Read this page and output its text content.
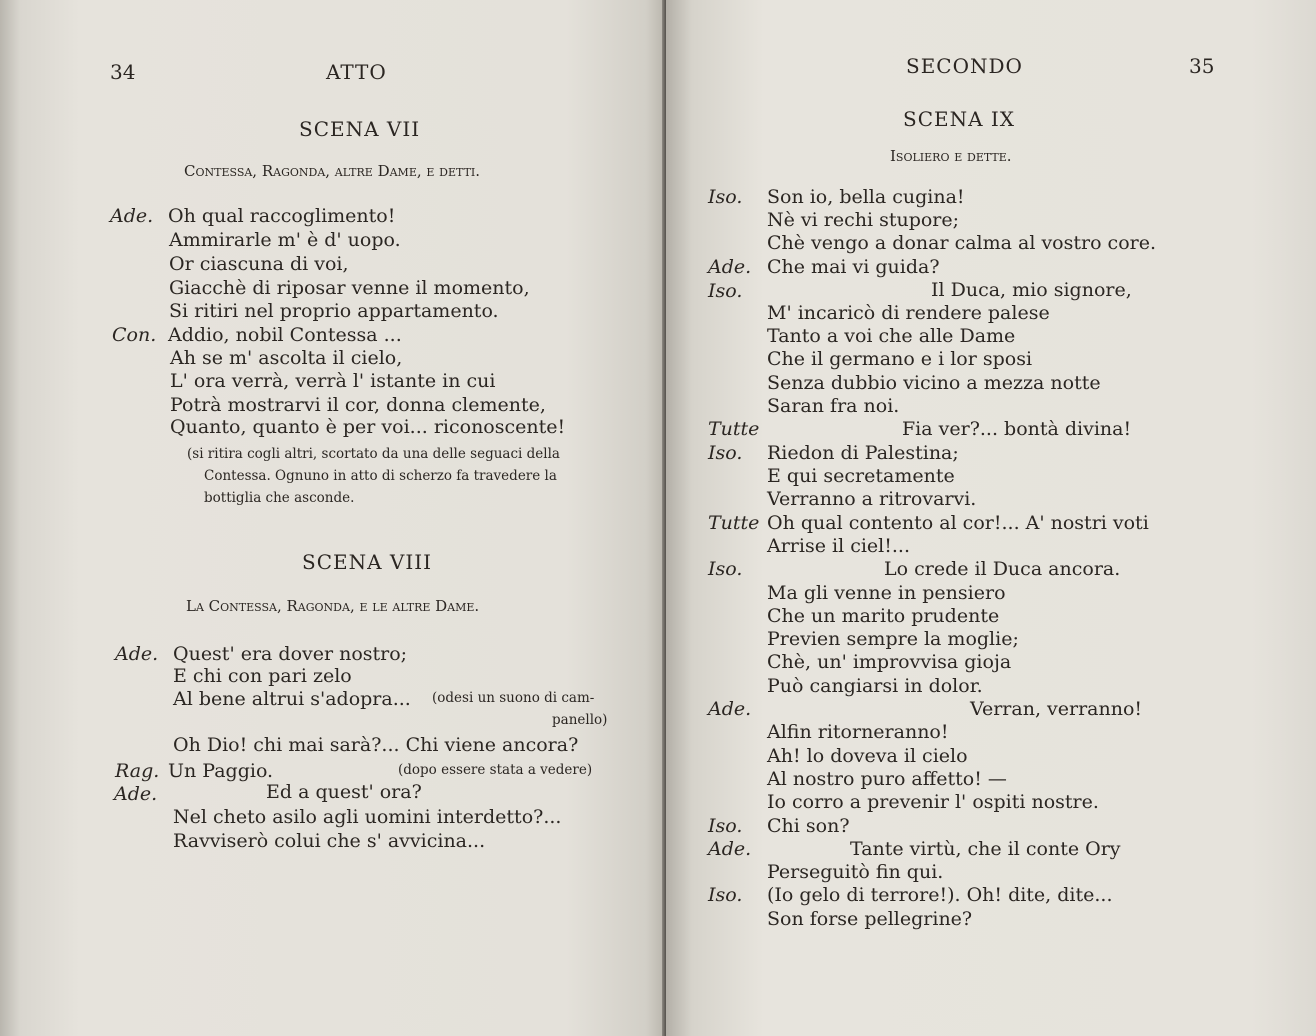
34	ATTO
SCENA VII
Contessa, Ragonda, altre Dame, e detti.
Ade. Oh qual raccoglimento!
Ammirarle m' è d' uopo.
Or ciascuna di voi,
Giacchè di riposar venne il momento,
Si ritiri nel proprio appartamento.
Con. Addio, nobil Contessa ...
Ah se m' ascolta il cielo,
L' ora verrà, verrà l' istante in cui
Potrà mostrarvi il cor, donna clemente,
Quanto, quanto è per voi... riconoscente!
(si ritira cogli altri, scortato da una delle seguaci della
Contessa. Ognuno in atto di scherzo fa travedere la
bottiglia che asconde.
SCENA VIII
La Contessa, Ragonda, e le altre Dame.
Ade. Quest' era dover nostro;
E chi con pari zelo
Al bene altrui s'adopra... (odesi un suono di cam-
panello)
Oh Dio! chi mai sarà?... Chi viene ancora?
Rag. Un Paggio.	(dopo essere stata a vedere)
Ade.	Ed a quest' ora?
Nel cheto asilo agli uomini interdetto?...
Ravviserò colui che s' avvicina...
SECONDO	35
SCENA IX
Isoliero e dette.
Iso.
Ade.
Iso.
Tutte
Iso.
Tutte
Iso.
Ade.
Iso.
Ade.
Iso.
Son io, bella cugina!
Nè vi rechi stupore;
Chè vengo a donar calma al vostro core.
Che mai vi guida?
Il Duca, mio signore,
M' incaricò di rendere palese
Tanto a voi che alle Dame
Che il germano e i lor sposi
Senza dubbio vicino a mezza notte
Saran fra noi.
Fia ver?... bontà divina!
Riedon di Palestina;
E qui secretamente
Verranno a ritrovarvi.
Oh qual contento al cor!... A' nostri voti
Arrise il ciel!...
Lo crede il Duca ancora.
Ma gli venne in pensiero
Che un marito prudente
Previen sempre la moglie;
Chè, un' improvvisa gioja
Può cangiarsi in dolor.
Verran, verranno!
Alfin ritorneranno!
Ah! lo doveva il cielo
Al nostro puro affetto! —
Io corro a prevenir l' ospiti nostre.
Chi son?
Tante virtù, che il conte Ory
Perseguitò fin qui.
(Io gelo di terrore!). Oh! dite, dite...
Son forse pellegrine?
